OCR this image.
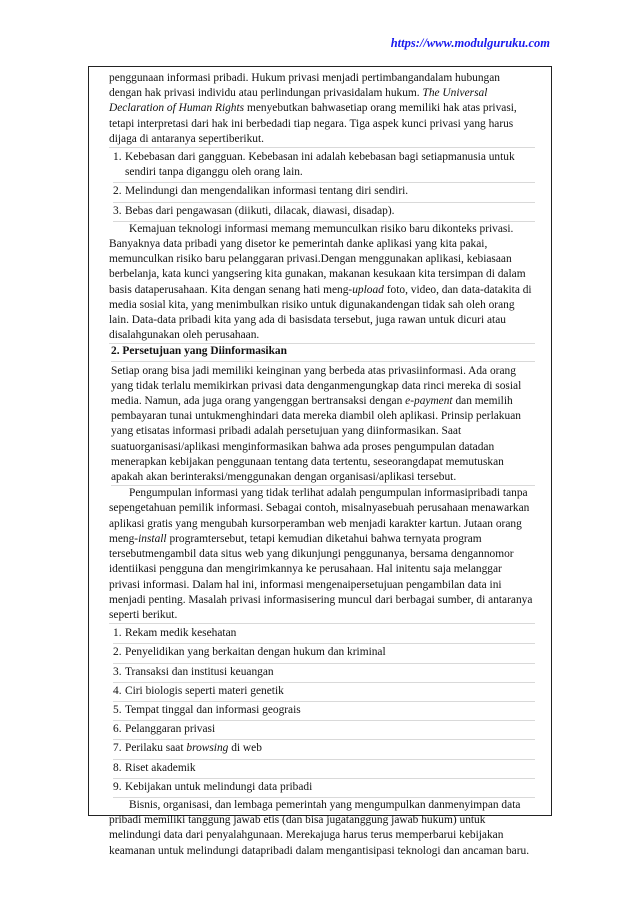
https://www.modulguruku.com

penggunaan informasi pribadi. Hukum privasi menjadi pertimbangandalam hubungan dengan hak privasi individu atau perlindungan privasidalam hukum. The Universal Declaration of Human Rights menyebutkan bahwasetiap orang memiliki hak atas privasi, tetapi interpretasi dari hak ini berbedadi tiap negara. Tiga aspek kunci privasi yang harus dijaga di antaranya sepertiberikut.

1. Kebebasan dari gangguan. Kebebasan ini adalah kebebasan bagi setiapmanusia untuk sendiri tanpa diganggu oleh orang lain.
2. Melindungi dan mengendalikan informasi tentang diri sendiri.
3. Bebas dari pengawasan (diikuti, dilacak, diawasi, disadap).

Kemajuan teknologi informasi memang memunculkan risiko baru dikonteks privasi. Banyaknya data pribadi yang disetor ke pemerintah danke aplikasi yang kita pakai, memunculkan risiko baru pelanggaran privasi.Dengan menggunakan aplikasi, kebiasaan berbelanja, kata kunci yangsering kita gunakan, makanan kesukaan kita tersimpan di dalam basis dataperusahaan. Kita dengan senang hati meng-upload foto, video, dan data-datakita di media sosial kita, yang menimbulkan risiko untuk digunakandengan tidak sah oleh orang lain. Data-data pribadi kita yang ada di basisdata tersebut, juga rawan untuk dicuri atau disalahgunakan oleh perusahaan.

2. Persetujuan yang Diinformasikan

Setiap orang bisa jadi memiliki keinginan yang berbeda atas privasiinformasi. Ada orang yang tidak terlalu memikirkan privasi data denganmengungkap data rinci mereka di sosial media. Namun, ada juga orang yangenggan bertransaksi dengan e-payment dan memilih pembayaran tunai untukmenghindari data mereka diambil oleh aplikasi. Prinsip perlakuan yang etisatas informasi pribadi adalah persetujuan yang diinformasikan. Saat suatuorganisasi/aplikasi menginformasikan bahwa ada proses pengumpulan datadan menerapkan kebijakan penggunaan tentang data tertentu, seseorangdapat memutuskan apakah akan berinteraksi/menggunakan dengan organisasi/aplikasi tersebut.

Pengumpulan informasi yang tidak terlihat adalah pengumpulan informasipribadi tanpa sepengetahuan pemilik informasi. Sebagai contoh, misalnyasebuah perusahaan menawarkan aplikasi gratis yang mengubah kursorperamban web menjadi karakter kartun. Jutaan orang meng-install programtersebut, tetapi kemudian diketahui bahwa ternyata program tersebutmengambil data situs web yang dikunjungi penggunanya, bersama dengannomor identiikasi pengguna dan mengirimkannya ke perusahaan. Hal initentu saja melanggar privasi informasi. Dalam hal ini, informasi mengenaipersetujuan pengambilan data ini menjadi penting. Masalah privasi informasisering muncul dari berbagai sumber, di antaranya seperti berikut.

1. Rekam medik kesehatan
2. Penyelidikan yang berkaitan dengan hukum dan kriminal
3. Transaksi dan institusi keuangan
4. Ciri biologis seperti materi genetik
5. Tempat tinggal dan informasi geograis
6. Pelanggaran privasi
7. Perilaku saat browsing di web
8. Riset akademik
9. Kebijakan untuk melindungi data pribadi

Bisnis, organisasi, dan lembaga pemerintah yang mengumpulkan danmenyimpan data pribadi memiliki tanggung jawab etis (dan bisa jugatanggung jawab hukum) untuk melindungi data dari penyalahgunaan. Merekajuga harus terus memperbarui kebijakan keamanan untuk melindungi datapribadi dalam mengantisipasi teknologi dan ancaman baru.
